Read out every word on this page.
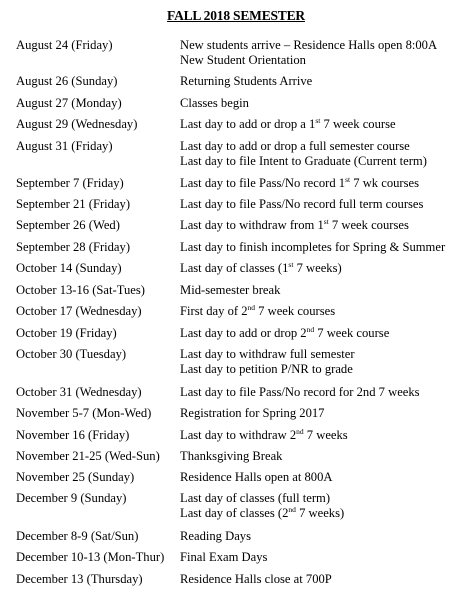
FALL 2018 SEMESTER
August 24 (Friday)	New students arrive – Residence Halls open 8:00A
New Student Orientation
August 26 (Sunday)	Returning Students Arrive
August 27 (Monday)	Classes begin
August 29 (Wednesday)	Last day to add or drop a 1st 7 week course
August 31 (Friday)	Last day to add or drop a full semester course
Last day to file Intent to Graduate (Current term)
September 7 (Friday)	Last day to file Pass/No record 1st 7 wk courses
September 21 (Friday)	Last day to file Pass/No record full term courses
September 26 (Wed)	Last day to withdraw from 1st 7 week courses
September 28 (Friday)	Last day to finish incompletes for Spring & Summer
October 14 (Sunday)	Last day of classes (1st 7 weeks)
October 13-16 (Sat-Tues)	Mid-semester break
October 17 (Wednesday)	First day of 2nd 7 week courses
October 19 (Friday)	Last day to add or drop 2nd 7 week course
October 30 (Tuesday)	Last day to withdraw full semester
Last day to petition P/NR to grade
October 31 (Wednesday)	Last day to file Pass/No record for 2nd 7 weeks
November 5-7 (Mon-Wed) Registration for Spring 2017
November 16 (Friday)	Last day to withdraw 2nd 7 weeks
November 21-25 (Wed-Sun) Thanksgiving Break
November 25 (Sunday)	Residence Halls open at 800A
December 9 (Sunday)	Last day of classes (full term)
Last day of classes (2nd 7 weeks)
December 8-9 (Sat/Sun)	Reading Days
December 10-13 (Mon-Thur) Final Exam Days
December 13 (Thursday)	Residence Halls close at 700P
